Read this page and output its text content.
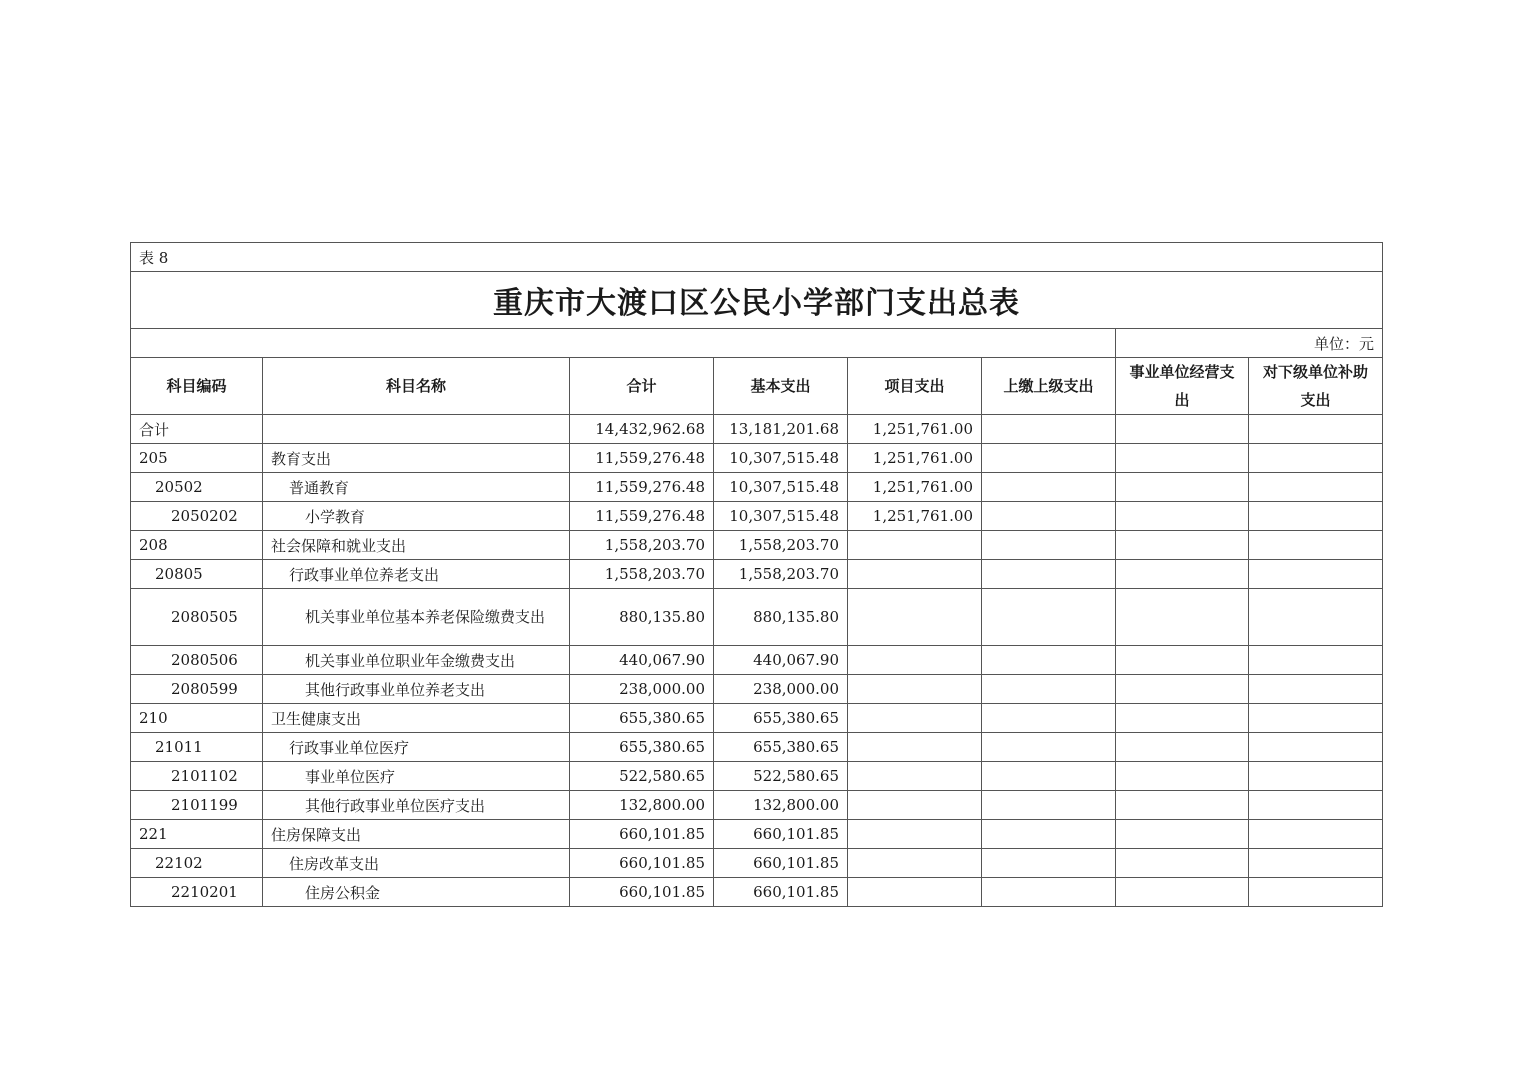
表 8							
重庆市大渡口区公民小学部门支出总表							
						单位：元	
科目编码	科目名称	合计	基本支出	项目支出	上缴上级支出	事业单位经营支出	对下级单位补助支出
合计		14,432,962.68	13,181,201.68	1,251,761.00			
205	教育支出	11,559,276.48	10,307,515.48	1,251,761.00			
20502	普通教育	11,559,276.48	10,307,515.48	1,251,761.00			
2050202	小学教育	11,559,276.48	10,307,515.48	1,251,761.00			
208	社会保障和就业支出	1,558,203.70	1,558,203.70				
20805	行政事业单位养老支出	1,558,203.70	1,558,203.70				
2080505	机关事业单位基本养老保险缴费支出	880,135.80	880,135.80				
2080506	机关事业单位职业年金缴费支出	440,067.90	440,067.90				
2080599	其他行政事业单位养老支出	238,000.00	238,000.00				
210	卫生健康支出	655,380.65	655,380.65				
21011	行政事业单位医疗	655,380.65	655,380.65				
2101102	事业单位医疗	522,580.65	522,580.65				
2101199	其他行政事业单位医疗支出	132,800.00	132,800.00				
221	住房保障支出	660,101.85	660,101.85				
22102	住房改革支出	660,101.85	660,101.85				
2210201	住房公积金	660,101.85	660,101.85				
